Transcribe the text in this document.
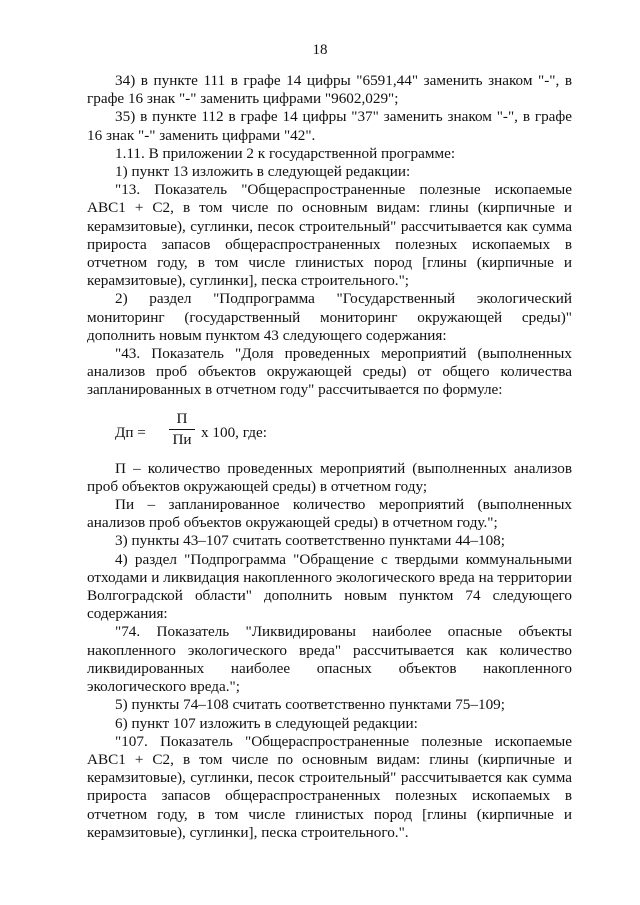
18

34) в пункте 111 в графе 14 цифры "6591,44" заменить знаком "-", в графе 16 знак "-" заменить цифрами "9602,029";

35) в пункте 112 в графе 14 цифры "37" заменить знаком "-", в графе 16 знак "-" заменить цифрами "42".

1.11. В приложении 2 к государственной программе:

1) пункт 13 изложить в следующей редакции:

"13. Показатель "Общераспространенные полезные ископаемые АВС1 + С2, в том числе по основным видам: глины (кирпичные и керамзитовые), суглинки, песок строительный" рассчитывается как сумма прироста запасов общераспространенных полезных ископаемых в отчетном году, в том числе глинистых пород [глины (кирпичные и керамзитовые), суглинки], песка строительного.";

2) раздел "Подпрограмма "Государственный экологический мониторинг (государственный мониторинг окружающей среды)" дополнить новым пунктом 43 следующего содержания:

"43. Показатель "Доля проведенных мероприятий (выполненных анализов проб объектов окружающей среды) от общего количества запланированных в отчетном году" рассчитывается по формуле:

Дп =
П
Пи x 100, где:

П – количество проведенных мероприятий (выполненных анализов проб объектов окружающей среды) в отчетном году;

Пи – запланированное количество мероприятий (выполненных анализов проб объектов окружающей среды) в отчетном году.";

3) пункты 43–107 считать соответственно пунктами 44–108;

4) раздел "Подпрограмма "Обращение с твердыми коммунальными отходами и ликвидация накопленного экологического вреда на территории Волгоградской области" дополнить новым пунктом 74 следующего содержания:

"74. Показатель "Ликвидированы наиболее опасные объекты накопленного экологического вреда" рассчитывается как количество ликвидированных наиболее опасных объектов накопленного экологического вреда.";

5) пункты 74–108 считать соответственно пунктами 75–109;

6) пункт 107 изложить в следующей редакции:

"107. Показатель "Общераспространенные полезные ископаемые АВС1 + С2, в том числе по основным видам: глины (кирпичные и керамзитовые), суглинки, песок строительный" рассчитывается как сумма прироста запасов общераспространенных полезных ископаемых в отчетном году, в том числе глинистых пород [глины (кирпичные и керамзитовые), суглинки], песка строительного.".
